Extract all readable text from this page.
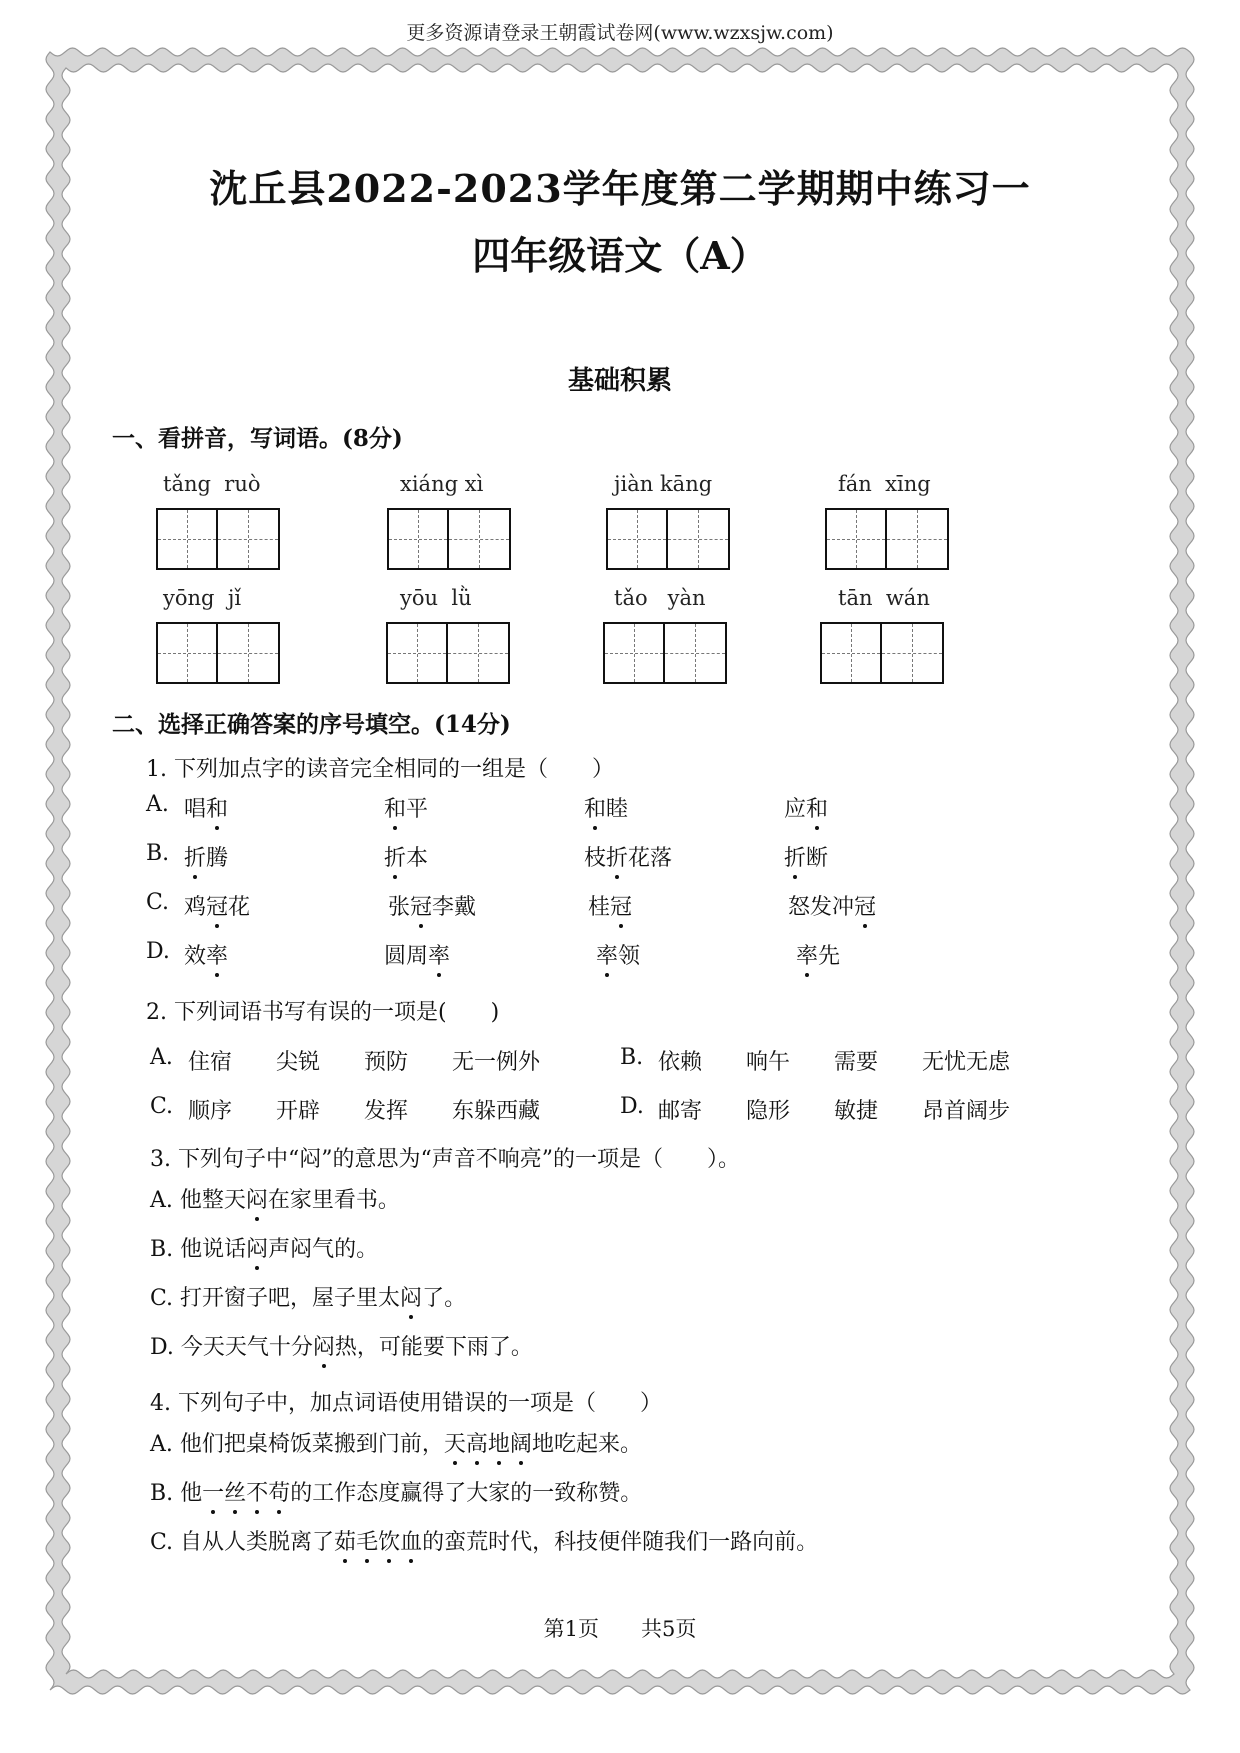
更多资源请登录王朝霞试卷网(www.wzxsjw.com)
沈丘县2022-2023学年度第二学期期中练习一
四年级语文（A）
基础积累
一、看拼音，写词语。(8分)
tǎng  ruò	xiáng xì	jiàn kāng	fán  xīng
yōng  jǐ	yōu  lǜ	tǎo   yàn	tān  wán
二、选择正确答案的序号填空。(14分)
1. 下列加点字的读音完全相同的一组是（　　）
A. 唱和	和平	和睦	应和
B. 折腾	折本	枝折花落	折断
C. 鸡冠花	张冠李戴	桂冠	怒发冲冠
D. 效率	圆周率	率领	率先
2. 下列词语书写有误的一项是(　　)
A. 住宿 尖锐 预防 无一例外	B. 依赖 响午 需要 无忧无虑
C. 顺序 开辟 发挥 东躲西藏	D. 邮寄 隐形 敏捷 昂首阔步
3. 下列句子中“闷”的意思为“声音不响亮”的一项是（　　）。
A. 他整天闷在家里看书。
B. 他说话闷声闷气的。
C. 打开窗子吧，屋子里太闷了。
D. 今天天气十分闷热，可能要下雨了。
4. 下列句子中，加点词语使用错误的一项是（　　）
A. 他们把桌椅饭菜搬到门前，天高地阔地吃起来。
B. 他一丝不苟的工作态度赢得了大家的一致称赞。
C. 自从人类脱离了茹毛饮血的蛮荒时代，科技便伴随我们一路向前。
第1页　　共5页
